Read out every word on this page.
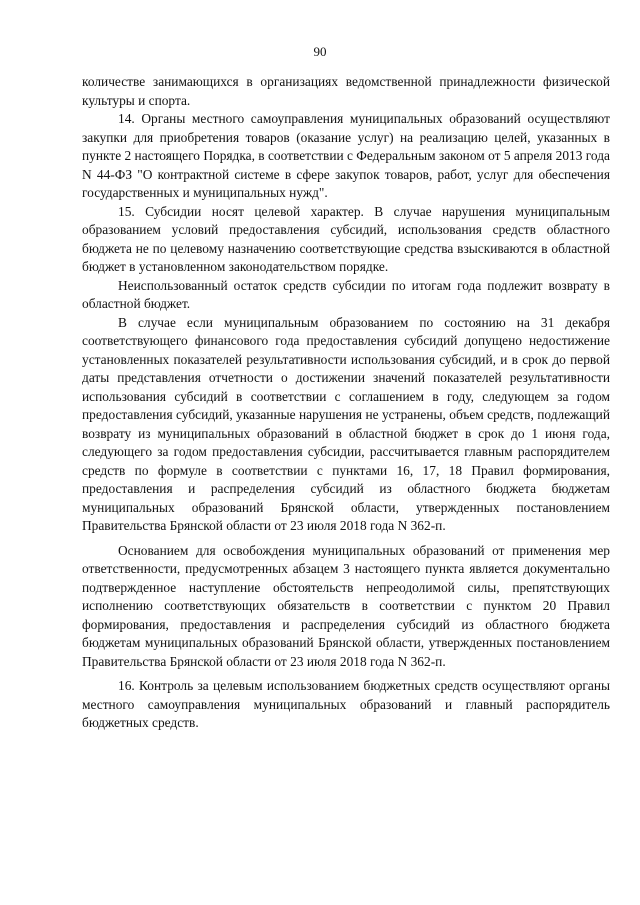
90

количестве занимающихся в организациях ведомственной принадлежности физической культуры и спорта.

14. Органы местного самоуправления муниципальных образований осуществляют закупки для приобретения товаров (оказание услуг) на реализацию целей, указанных в пункте 2 настоящего Порядка, в соответствии с Федеральным законом от 5 апреля 2013 года N 44-ФЗ "О контрактной системе в сфере закупок товаров, работ, услуг для обеспечения государственных и муниципальных нужд".

15. Субсидии носят целевой характер. В случае нарушения муниципальным образованием условий предоставления субсидий, использования средств областного бюджета не по целевому назначению соответствующие средства взыскиваются в областной бюджет в установленном законодательством порядке.

Неиспользованный остаток средств субсидии по итогам года подлежит возврату в областной бюджет.

В случае если муниципальным образованием по состоянию на 31 декабря соответствующего финансового года предоставления субсидий допущено недостижение установленных показателей результативности использования субсидий, и в срок до первой даты представления отчетности о достижении значений показателей результативности использования субсидий в соответствии с соглашением в году, следующем за годом предоставления субсидий, указанные нарушения не устранены, объем средств, подлежащий возврату из муниципальных образований в областной бюджет в срок до 1 июня года, следующего за годом предоставления субсидии, рассчитывается главным распорядителем средств по формуле в соответствии с пунктами 16, 17, 18 Правил формирования, предоставления и распределения субсидий из областного бюджета бюджетам муниципальных образований Брянской области, утвержденных постановлением Правительства Брянской области от 23 июля 2018 года N 362-п.

Основанием для освобождения муниципальных образований от применения мер ответственности, предусмотренных абзацем 3 настоящего пункта является документально подтвержденное наступление обстоятельств непреодолимой силы, препятствующих исполнению соответствующих обязательств в соответствии с пунктом 20 Правил формирования, предоставления и распределения субсидий из областного бюджета бюджетам муниципальных образований Брянской области, утвержденных постановлением Правительства Брянской области от 23 июля 2018 года N 362-п.

16. Контроль за целевым использованием бюджетных средств осуществляют органы местного самоуправления муниципальных образований и главный распорядитель бюджетных средств.
